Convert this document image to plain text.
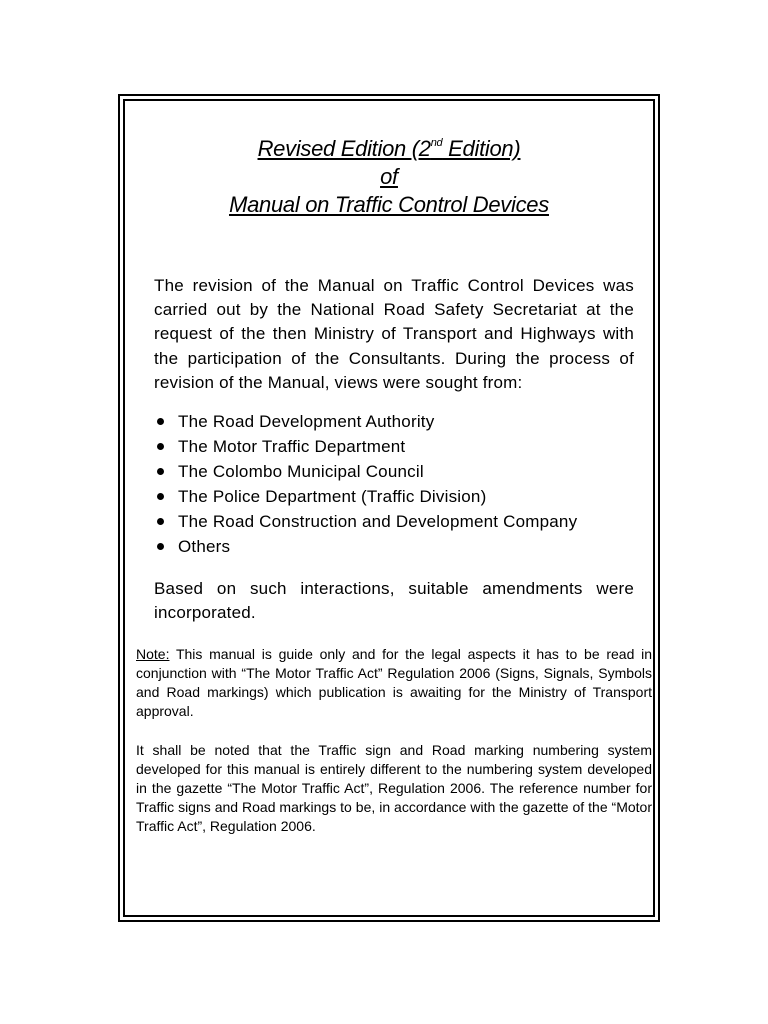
Revised Edition (2nd Edition)
of
Manual on Traffic Control Devices

The revision of the Manual on Traffic Control Devices was carried out by the National Road Safety Secretariat at the request of the then Ministry of Transport and Highways with the participation of the Consultants. During the process of revision of the Manual, views were sought from:

The Road Development Authority
The Motor Traffic Department
The Colombo Municipal Council
The Police Department (Traffic Division)
The Road Construction and Development Company
Others

Based on such interactions, suitable amendments were incorporated.

Note: This manual is guide only and for the legal aspects it has to be read in conjunction with “The Motor Traffic Act” Regulation 2006 (Signs, Signals, Symbols and Road markings) which publication is awaiting for the Ministry of Transport approval.

It shall be noted that the Traffic sign and Road marking numbering system developed for this manual is entirely different to the numbering system developed in the gazette “The Motor Traffic Act”, Regulation 2006. The reference number for Traffic signs and Road markings to be, in accordance with the gazette of the “Motor Traffic Act”, Regulation 2006.
